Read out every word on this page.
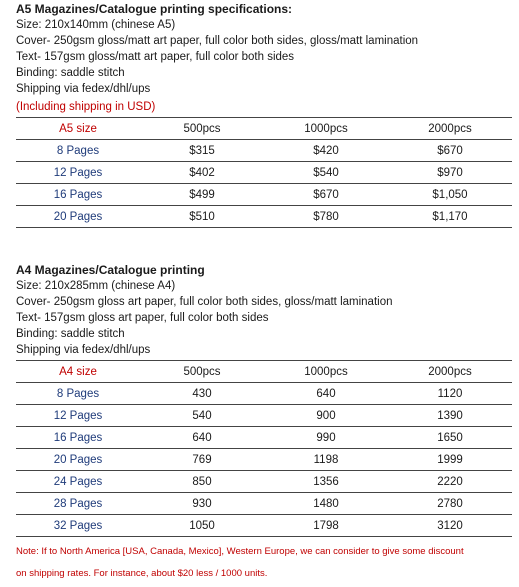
A5 Magazines/Catalogue printing specifications:
Size: 210x140mm (chinese A5)
Cover- 250gsm gloss/matt art paper, full color both sides, gloss/matt lamination
Text- 157gsm gloss/matt art paper, full color both sides
Binding: saddle stitch
Shipping via fedex/dhl/ups
(Including shipping in USD)
A5 size	500pcs	1000pcs	2000pcs
8 Pages	$315	$420	$670
12 Pages	$402	$540	$970
16 Pages	$499	$670	$1,050
20 Pages	$510	$780	$1,170
A4 Magazines/Catalogue printing
Size: 210x285mm (chinese A4)
Cover- 250gsm gloss art paper, full color both sides, gloss/matt lamination
Text- 157gsm gloss art paper, full color both sides
Binding: saddle stitch
Shipping via fedex/dhl/ups
A4 size	500pcs	1000pcs	2000pcs
8 Pages	430	640	1120
12 Pages	540	900	1390
16 Pages	640	990	1650
20 Pages	769	1198	1999
24 Pages	850	1356	2220
28 Pages	930	1480	2780
32 Pages	1050	1798	3120
Note: If to North America [USA, Canada, Mexico], Western Europe, we can consider to give some discount
on shipping rates. For instance, about $20 less / 1000 units.
